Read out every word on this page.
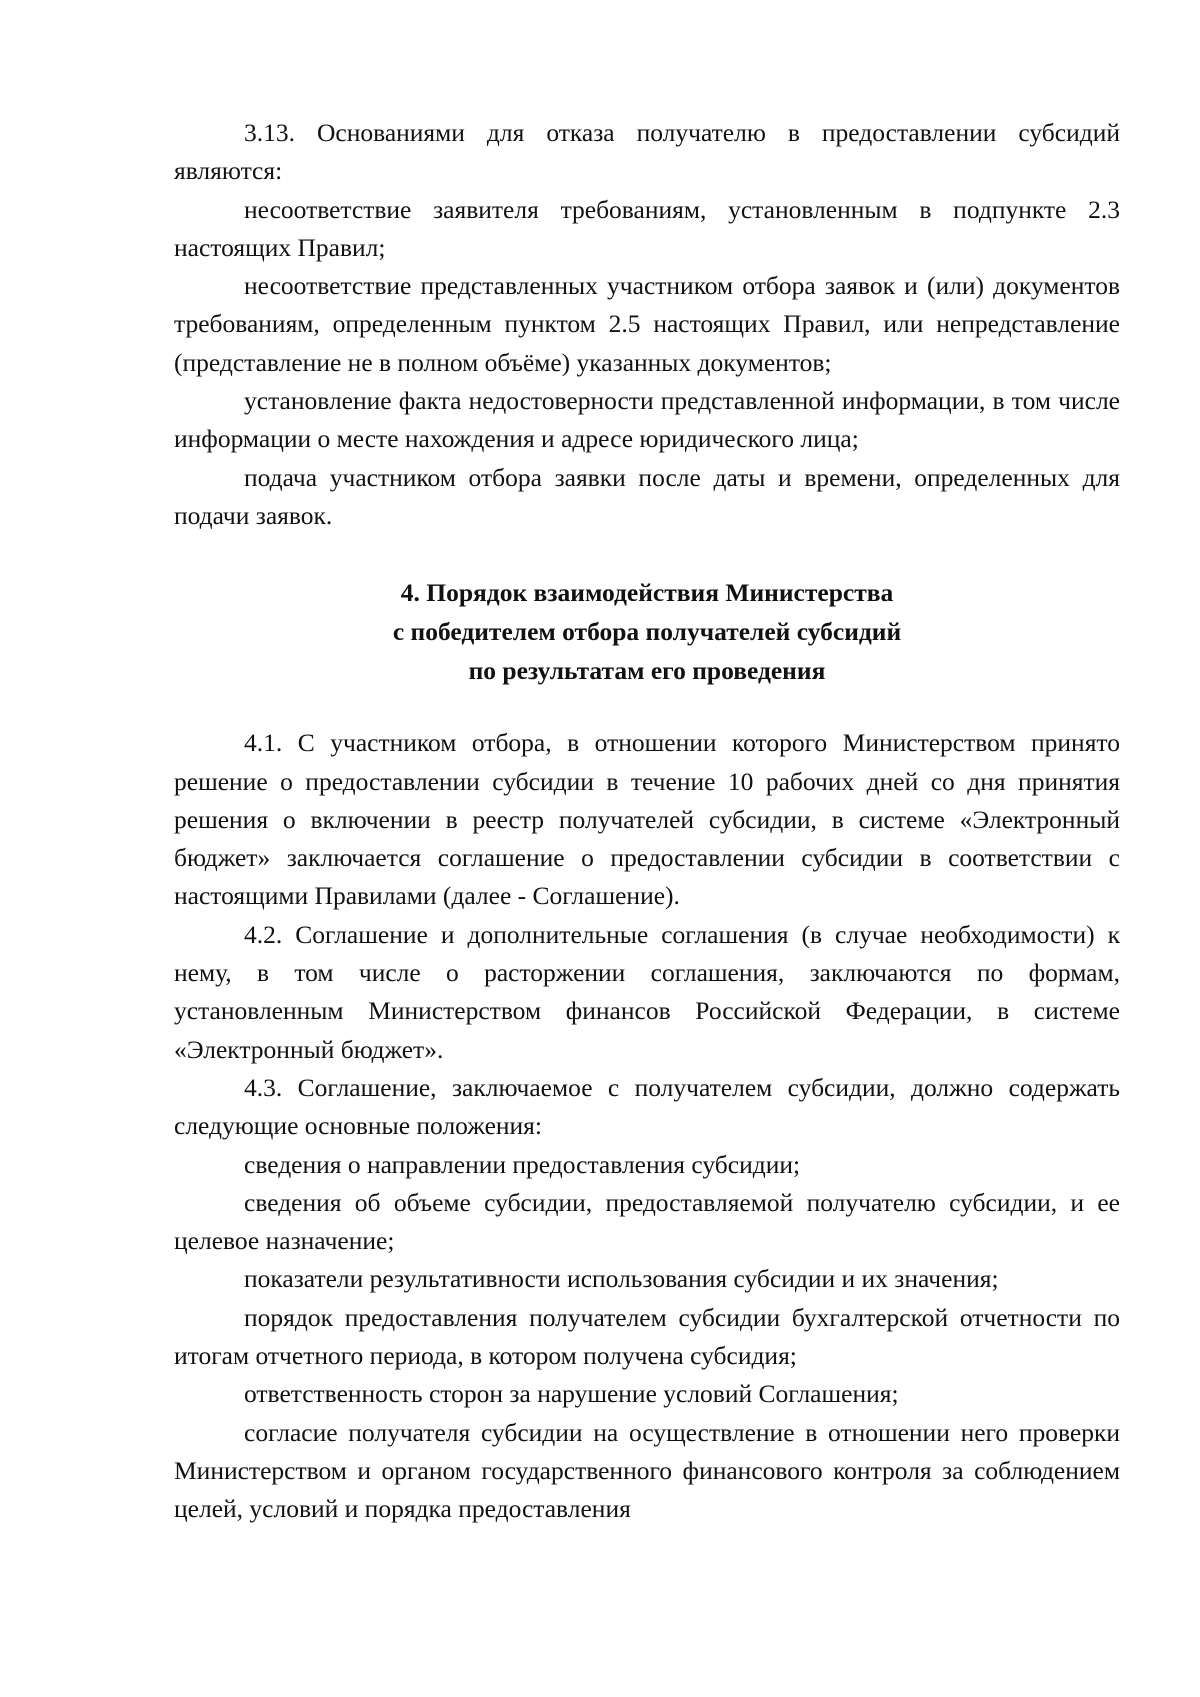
3.13. Основаниями для отказа получателю в предоставлении субсидий являются:

несоответствие заявителя требованиям, установленным в подпункте 2.3 настоящих Правил;

несоответствие представленных участником отбора заявок и (или) документов требованиям, определенным пунктом 2.5 настоящих Правил, или непредставление (представление не в полном объёме) указанных документов;

установление факта недостоверности представленной информации, в том числе информации о месте нахождения и адресе юридического лица;

подача участником отбора заявки после даты и времени, определенных для подачи заявок.

4. Порядок взаимодействия Министерства
с победителем отбора получателей субсидий
по результатам его проведения

4.1. С участником отбора, в отношении которого Министерством принято решение о предоставлении субсидии в течение 10 рабочих дней со дня принятия решения о включении в реестр получателей субсидии, в системе «Электронный бюджет» заключается соглашение о предоставлении субсидии в соответствии с настоящими Правилами (далее - Соглашение).

4.2. Соглашение и дополнительные соглашения (в случае необходимости) к нему, в том числе о расторжении соглашения, заключаются по формам, установленным Министерством финансов Российской Федерации, в системе «Электронный бюджет».

4.3. Соглашение, заключаемое с получателем субсидии, должно содержать следующие основные положения:

сведения о направлении предоставления субсидии;

сведения об объеме субсидии, предоставляемой получателю субсидии, и ее целевое назначение;

показатели результативности использования субсидии и их значения;

порядок предоставления получателем субсидии бухгалтерской отчетности по итогам отчетного периода, в котором получена субсидия;

ответственность сторон за нарушение условий Соглашения;

согласие получателя субсидии на осуществление в отношении него проверки Министерством и органом государственного финансового контроля за соблюдением целей, условий и порядка предоставления
